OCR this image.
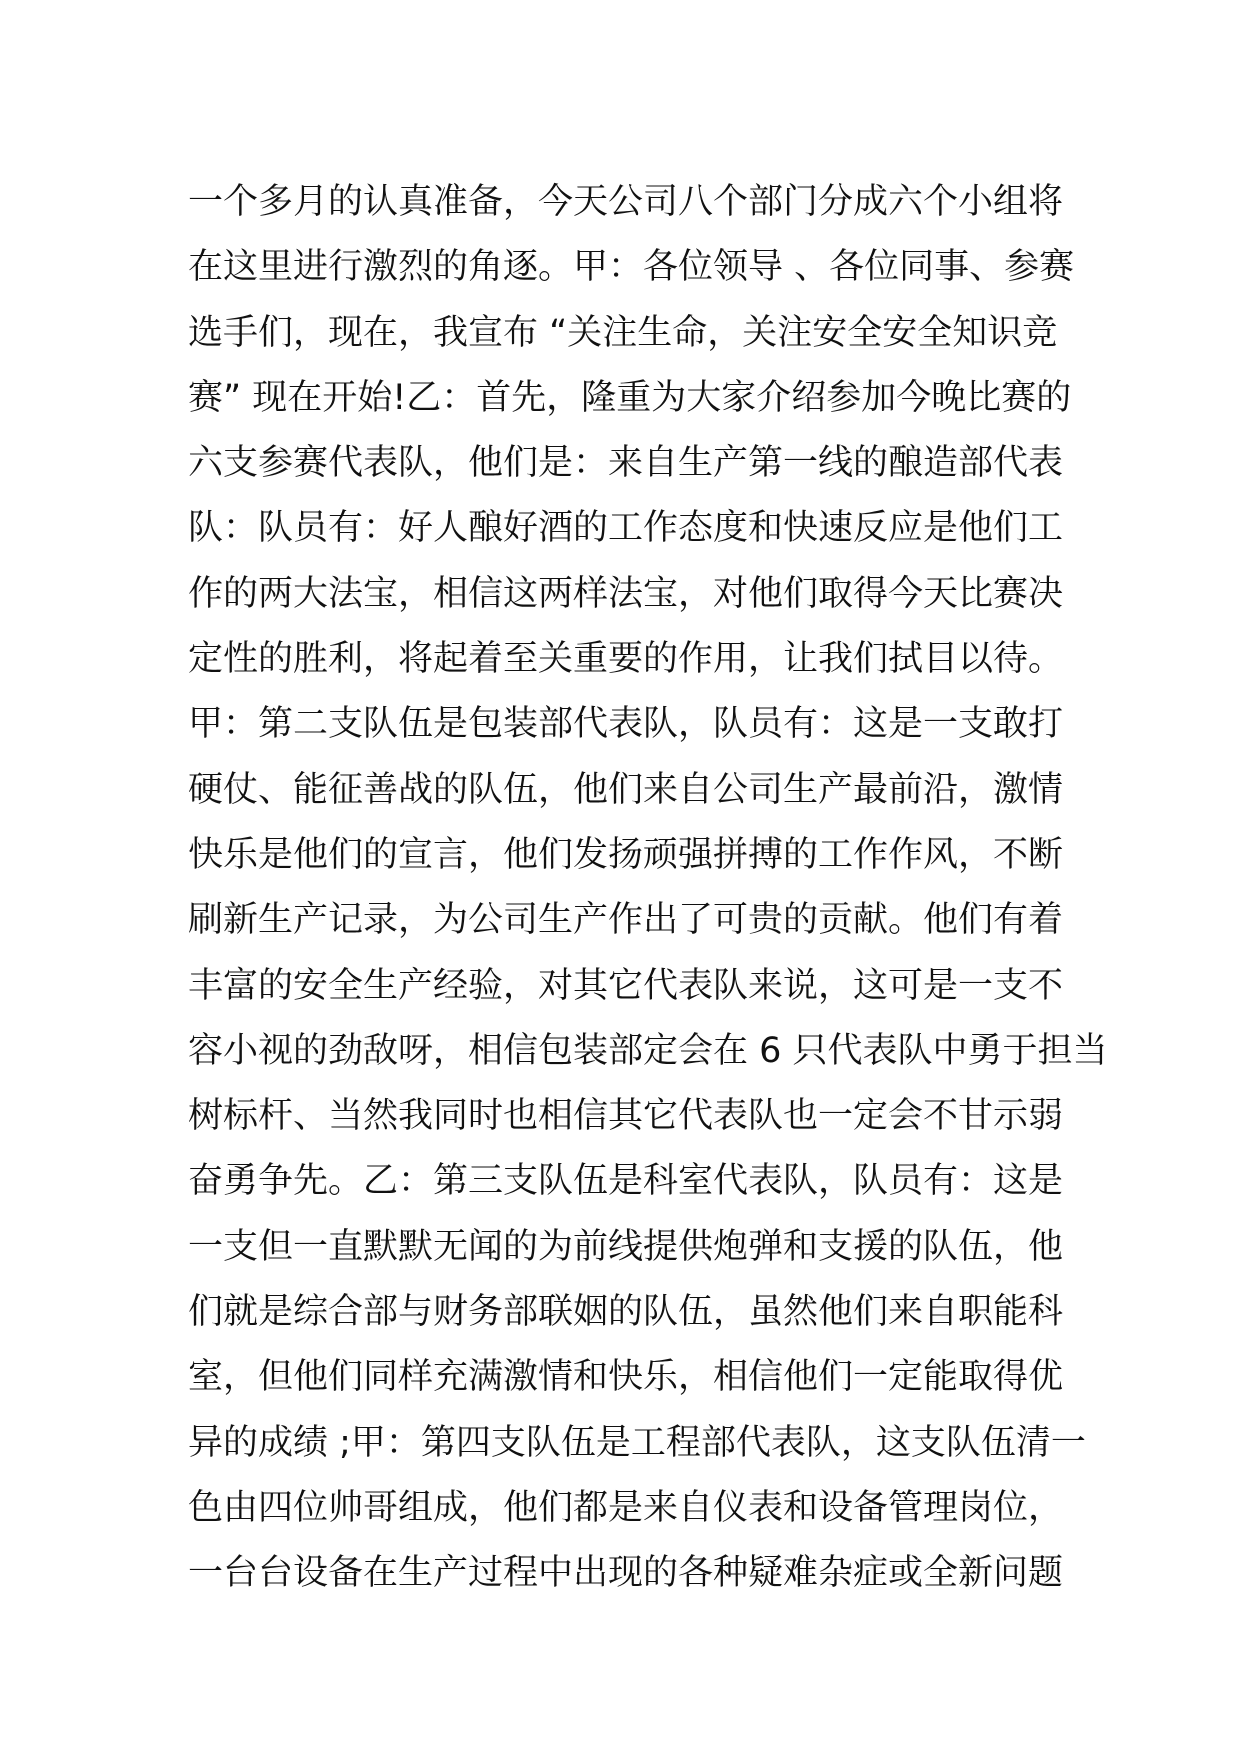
一个多月的认真准备，今天公司八个部门分成六个小组将
在这里进行激烈的角逐。甲：各位领导 、各位同事、参赛
选手们，现在，我宣布 “关注生命，关注安全安全知识竞
赛” 现在开始!乙：首先，隆重为大家介绍参加今晚比赛的
六支参赛代表队，他们是：来自生产第一线的酿造部代表
队：队员有：好人酿好酒的工作态度和快速反应是他们工
作的两大法宝，相信这两样法宝，对他们取得今天比赛决
定性的胜利，将起着至关重要的作用，让我们拭目以待。
甲：第二支队伍是包装部代表队，队员有：这是一支敢打
硬仗、能征善战的队伍，他们来自公司生产最前沿，激情
快乐是他们的宣言，他们发扬顽强拼搏的工作作风，不断
刷新生产记录，为公司生产作出了可贵的贡献。他们有着
丰富的安全生产经验，对其它代表队来说，这可是一支不
容小视的劲敌呀，相信包装部定会在 6 只代表队中勇于担当
树标杆、当然我同时也相信其它代表队也一定会不甘示弱
奋勇争先。乙：第三支队伍是科室代表队，队员有：这是
一支但一直默默无闻的为前线提供炮弹和支援的队伍，他
们就是综合部与财务部联姻的队伍，虽然他们来自职能科
室，但他们同样充满激情和快乐，相信他们一定能取得优
异的成绩 ;甲：第四支队伍是工程部代表队，这支队伍清一
色由四位帅哥组成，他们都是来自仪表和设备管理岗位，
一台台设备在生产过程中出现的各种疑难杂症或全新问题
